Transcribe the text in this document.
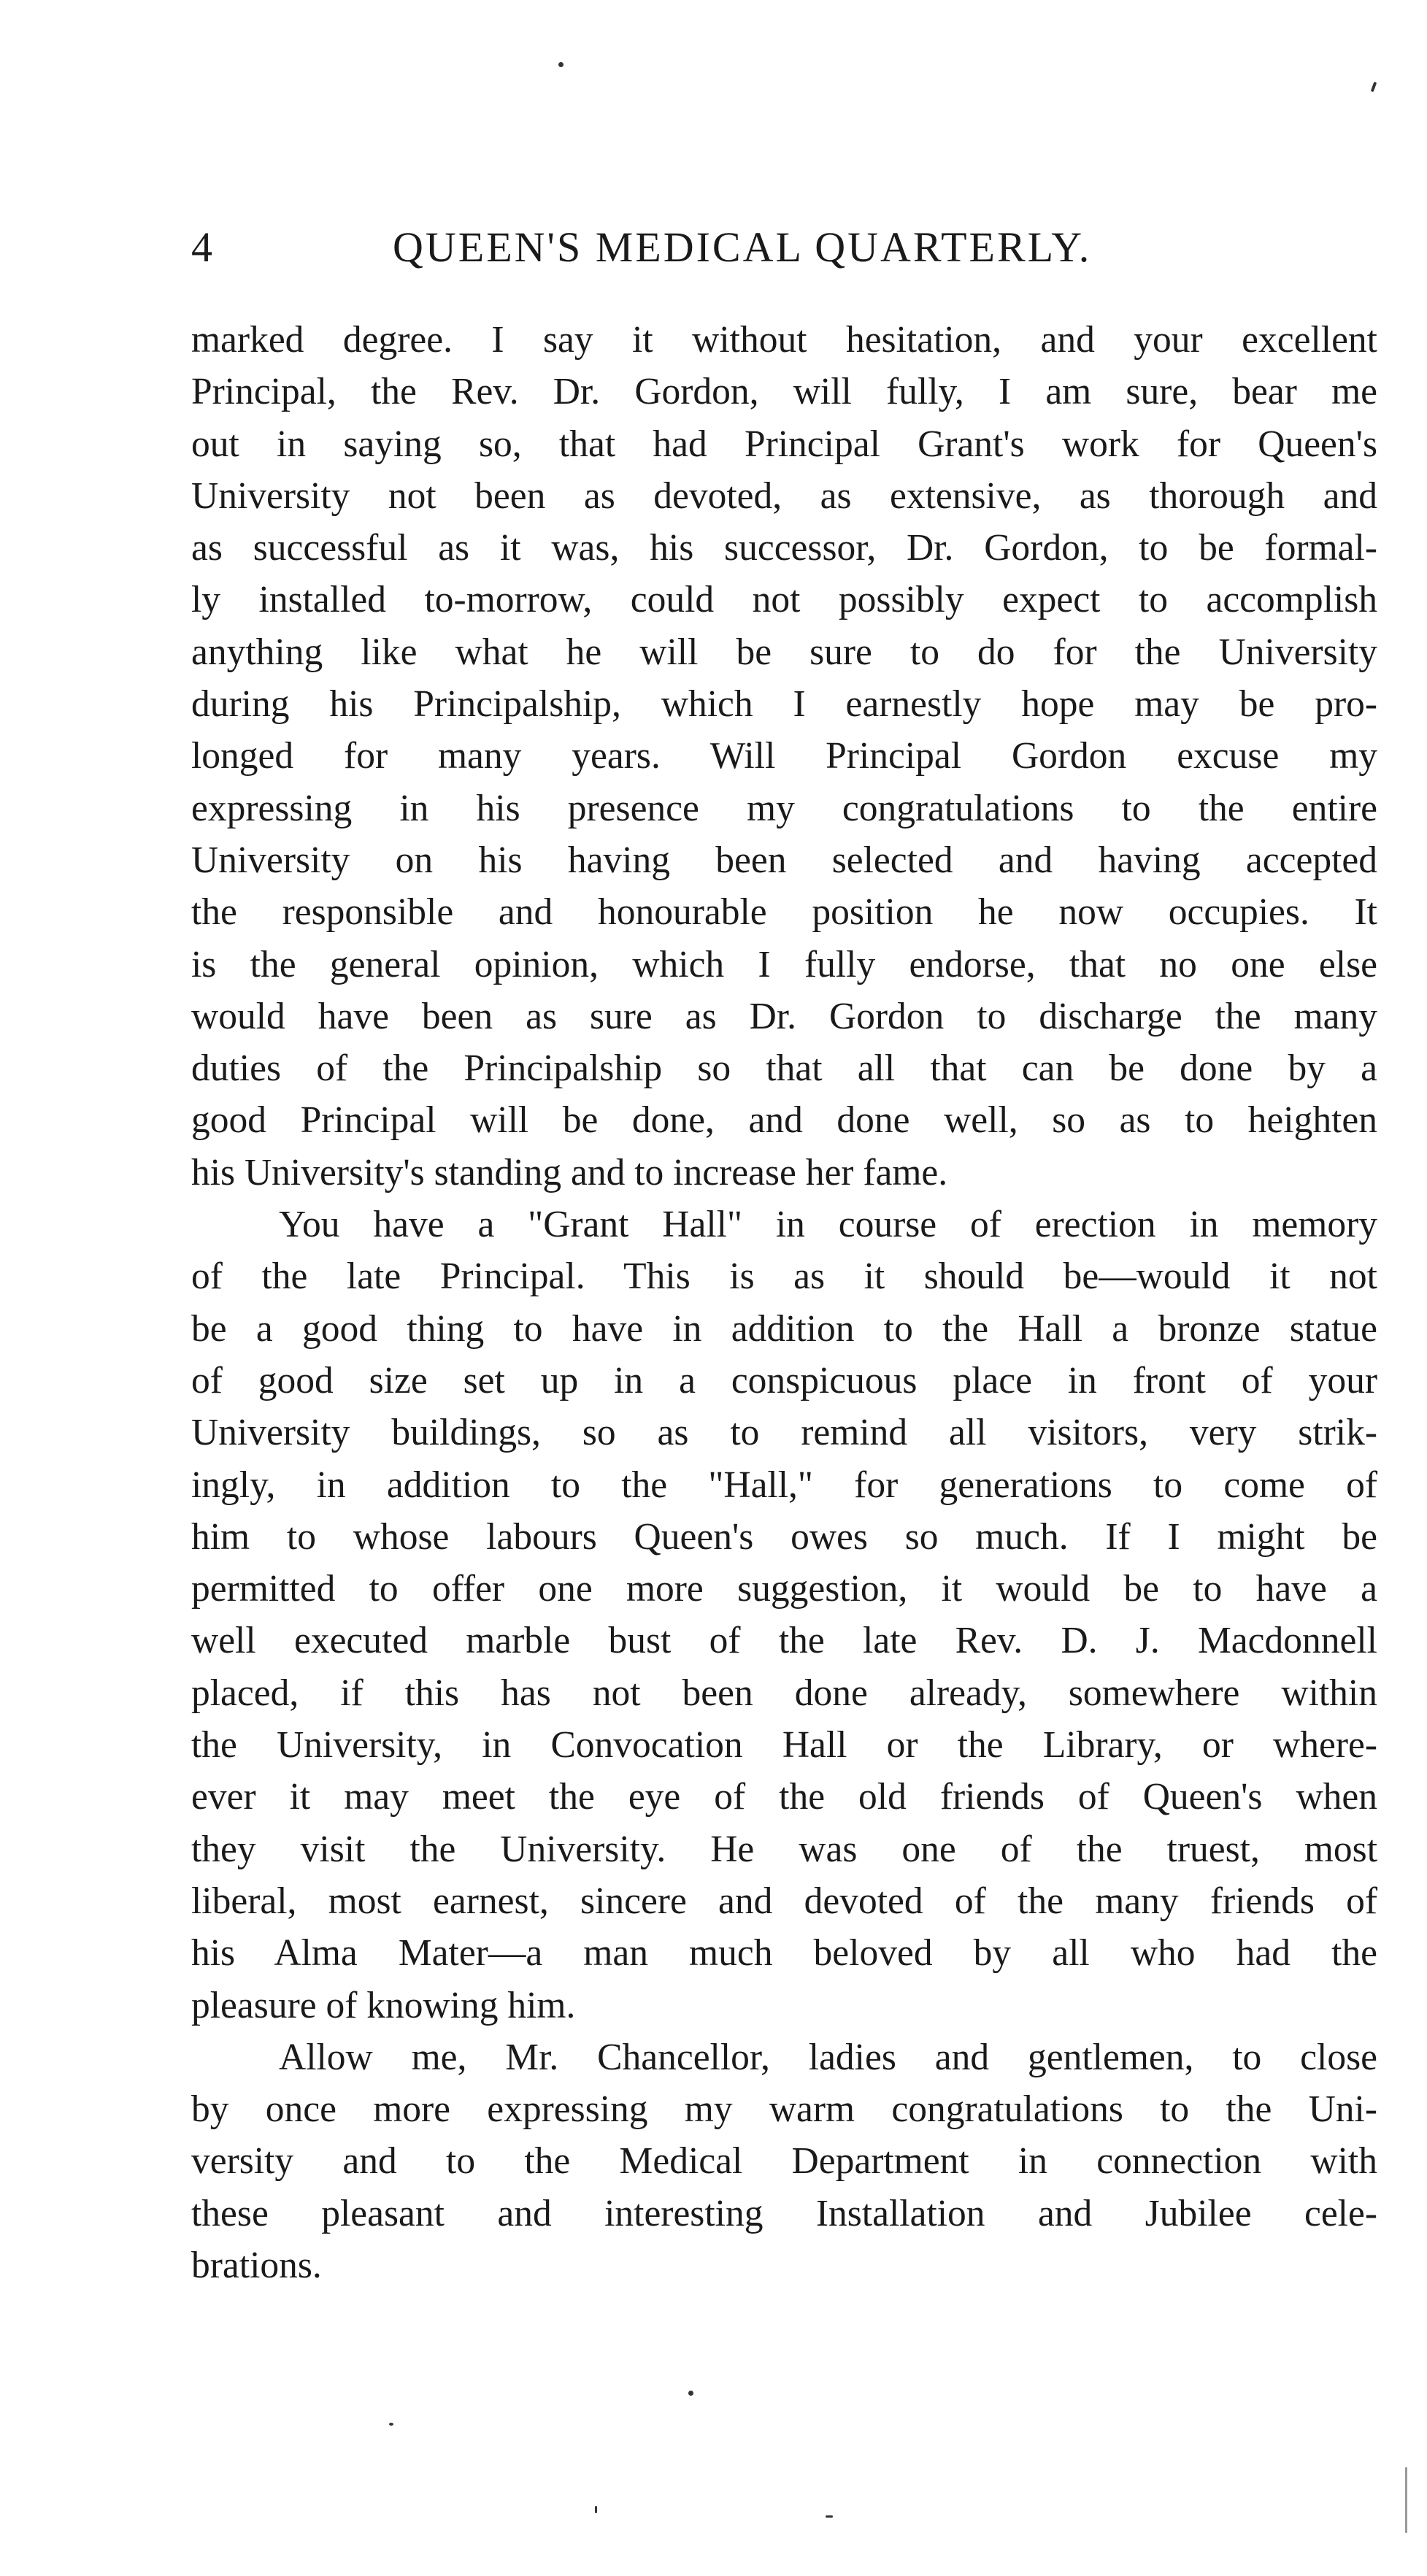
4	QUEEN'S MEDICAL QUARTERLY.
marked degree. I say it without hesitation, and your excellent
Principal, the Rev. Dr. Gordon, will fully, I am sure, bear me
out in saying so, that had Principal Grant's work for Queen's
University not been as devoted, as extensive, as thorough and
as successful as it was, his successor, Dr. Gordon, to be formal-
ly installed to-morrow, could not possibly expect to accomplish
anything like what he will be sure to do for the University
during his Principalship, which I earnestly hope may be pro-
longed for many years. Will Principal Gordon excuse my
expressing in his presence my congratulations to the entire
University on his having been selected and having accepted
the responsible and honourable position he now occupies. It
is the general opinion, which I fully endorse, that no one else
would have been as sure as Dr. Gordon to discharge the many
duties of the Principalship so that all that can be done by a
good Principal will be done, and done well, so as to heighten
his University's standing and to increase her fame.
You have a "Grant Hall" in course of erection in memory
of the late Principal. This is as it should be—would it not
be a good thing to have in addition to the Hall a bronze statue
of good size set up in a conspicuous place in front of your
University buildings, so as to remind all visitors, very strik-
ingly, in addition to the "Hall," for generations to come of
him to whose labours Queen's owes so much. If I might be
permitted to offer one more suggestion, it would be to have a
well executed marble bust of the late Rev. D. J. Macdonnell
placed, if this has not been done already, somewhere within
the University, in Convocation Hall or the Library, or where-
ever it may meet the eye of the old friends of Queen's when
they visit the University. He was one of the truest, most
liberal, most earnest, sincere and devoted of the many friends of
his Alma Mater—a man much beloved by all who had the
pleasure of knowing him.
Allow me, Mr. Chancellor, ladies and gentlemen, to close
by once more expressing my warm congratulations to the Uni-
versity and to the Medical Department in connection with
these pleasant and interesting Installation and Jubilee cele-
brations.
